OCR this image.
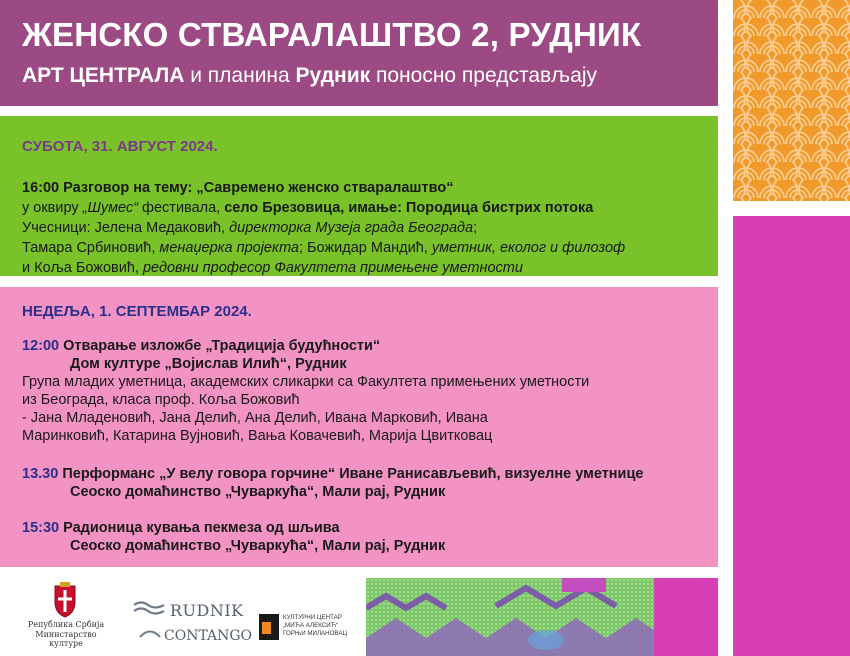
ЖЕНСКО СТВАРАЛАШТВО 2, РУДНИК
АРТ ЦЕНТРАЛА и планина Рудник поносно представљају
СУБОТА, 31. АВГУСТ 2024.
16:00 Разговор на тему: „Савремено женско стваралаштво“
у оквиру „Шумес“ фестивала, село Брезовица, имање: Породица бистрих потока
Учесници: Јелена Медаковић, директорка Музеја града Београда;
Тамара Србиновић, менаџерка пројекта; Божидар Мандић, уметник, еколог и филозоф
и Коља Божовић, редовни професор Факултета примењене уметности
НЕДЕЉА, 1. СЕПТЕМБАР 2024.
12:00 Отварање изложбе „Традиција будућности“
Дом културе „Војислав Илић“, Рудник
Група младих уметница, академских сликарки са Факултета примењених уметности
из Београда, класа проф. Коља Божовић
- Јана Младеновић, Јана Делић, Ана Делић, Ивана Марковић, Ивана
Маринковић, Катарина Вујновић, Вања Ковачевић, Марија Цвитковац
13.30 Перформанс „У велу говора горчине“ Иване Ранисављевић, визуелне уметнице
Сеоско домаћинство „Чуваркућа“, Мали рај, Рудник
15:30 Радионица кувања пекмеза од шљива
Сеоско домаћинство „Чуваркућа“, Мали рај, Рудник
Република Србија
Министарство културе
RUDNIK
CONTANGO
КУЛТУРНИ ЦЕНТАР
„МИЋА АЛЕКСИЋ“
ГОРЊИ МИЛАНОВАЦ
